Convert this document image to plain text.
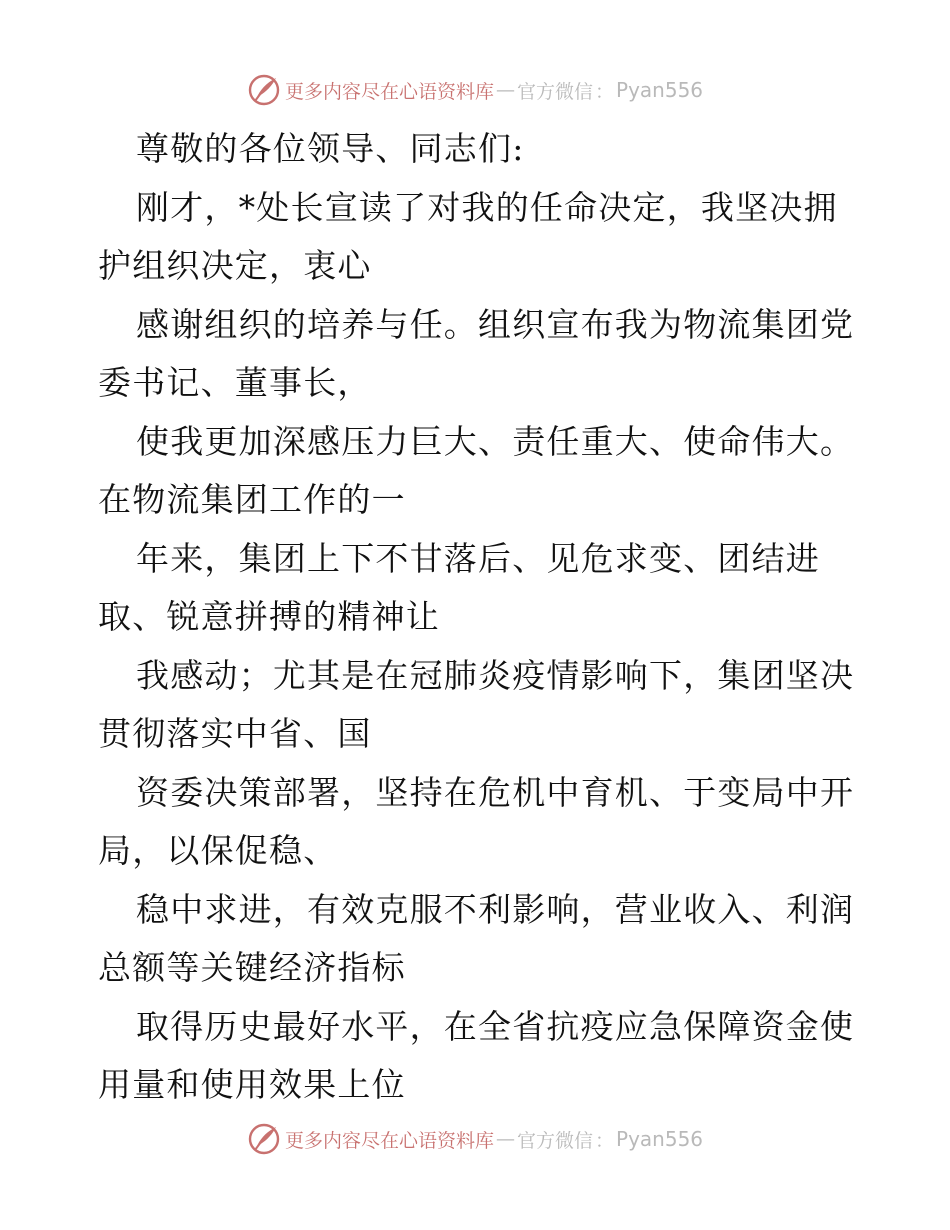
更多内容尽在心语资料库 — 官方微信 ： Pyan556
尊敬的各位领导、同志们:
刚才，*处长宣读了对我的任命决定，我坚决拥
护组织决定，衷心
感谢组织的培养与任。组织宣布我为物流集团党
委书记、董事长，
使我更加深感压力巨大、责任重大、使命伟大。
在物流集团工作的一
年来，集团上下不甘落后、见危求变、团结进
取、锐意拼搏的精神让
我感动；尤其是在冠肺炎疫情影响下，集团坚决
贯彻落实中省、国
资委决策部署，坚持在危机中育机、于变局中开
局，以保促稳、
稳中求进，有效克服不利影响，营业收入、利润
总额等关键经济指标
取得历史最好水平，在全省抗疫应急保障资金使
用量和使用效果上位
更多内容尽在心语资料库 — 官方微信 ： Pyan556
